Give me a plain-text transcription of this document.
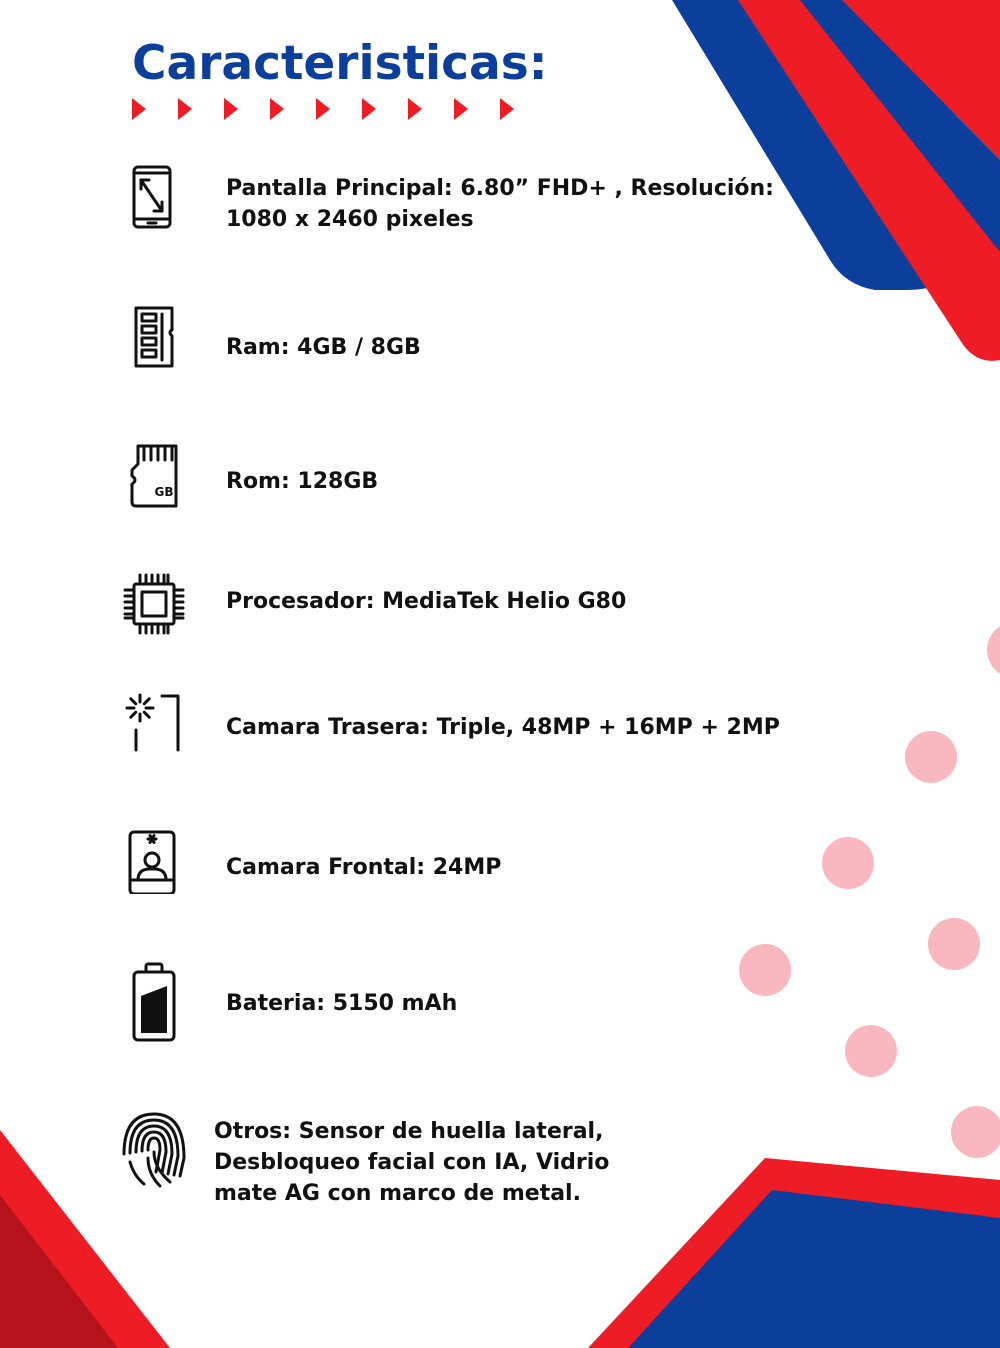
Caracteristicas:
Pantalla Principal: 6.80” FHD+ , Resolución:
1080 x 2460 pixeles
Ram: 4GB / 8GB
GB Rom: 128GB
Procesador: MediaTek Helio G80
Camara Trasera: Triple, 48MP + 16MP + 2MP
Camara Frontal: 24MP
Bateria: 5150 mAh
Otros: Sensor de huella lateral,
Desbloqueo facial con IA, Vidrio
mate AG con marco de metal.
